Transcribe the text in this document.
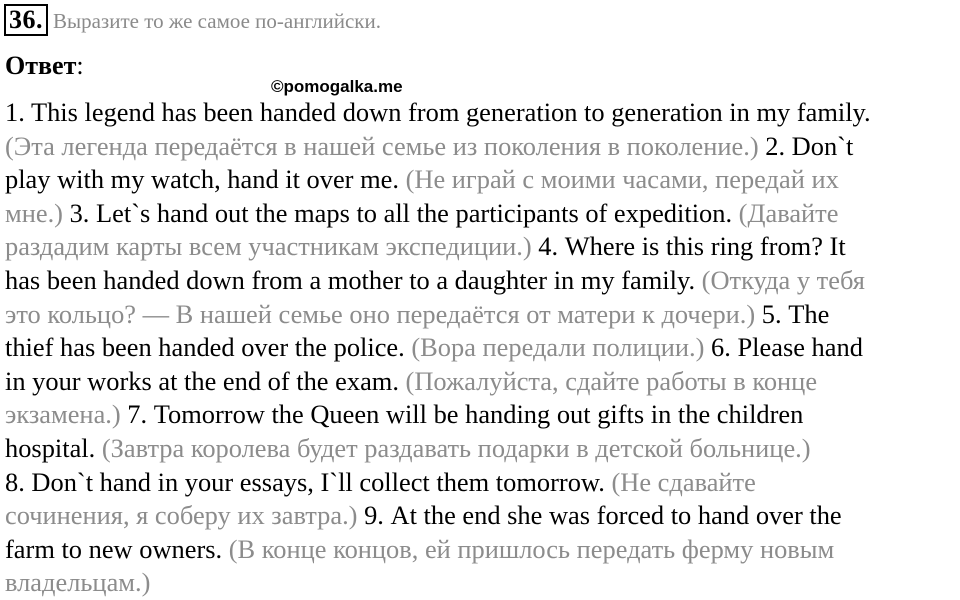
36. Выразите то же самое по-английски.
Ответ:
©pomogalka.me
1. This legend has been handed down from generation to generation in my family.
(Эта легенда передаётся в нашей семье из поколения в поколение.) 2. Don`t
play with my watch, hand it over me. (Не играй с моими часами, передай их
мне.) 3. Let`s hand out the maps to all the participants of expedition. (Давайте
раздадим карты всем участникам экспедиции.) 4. Where is this ring from? It
has been handed down from a mother to a daughter in my family. (Откуда у тебя
это кольцо? — В нашей семье оно передаётся от матери к дочери.) 5. The
thief has been handed over the police. (Вора передали полиции.) 6. Please hand
in your works at the end of the exam. (Пожалуйста, сдайте работы в конце
экзамена.) 7. Tomorrow the Queen will be handing out gifts in the children
hospital. (Завтра королева будет раздавать подарки в детской больнице.)
8. Don`t hand in your essays, I`ll collect them tomorrow. (Не сдавайте
сочинения, я соберу их завтра.) 9. At the end she was forced to hand over the
farm to new owners. (В конце концов, ей пришлось передать ферму новым
владельцам.)
